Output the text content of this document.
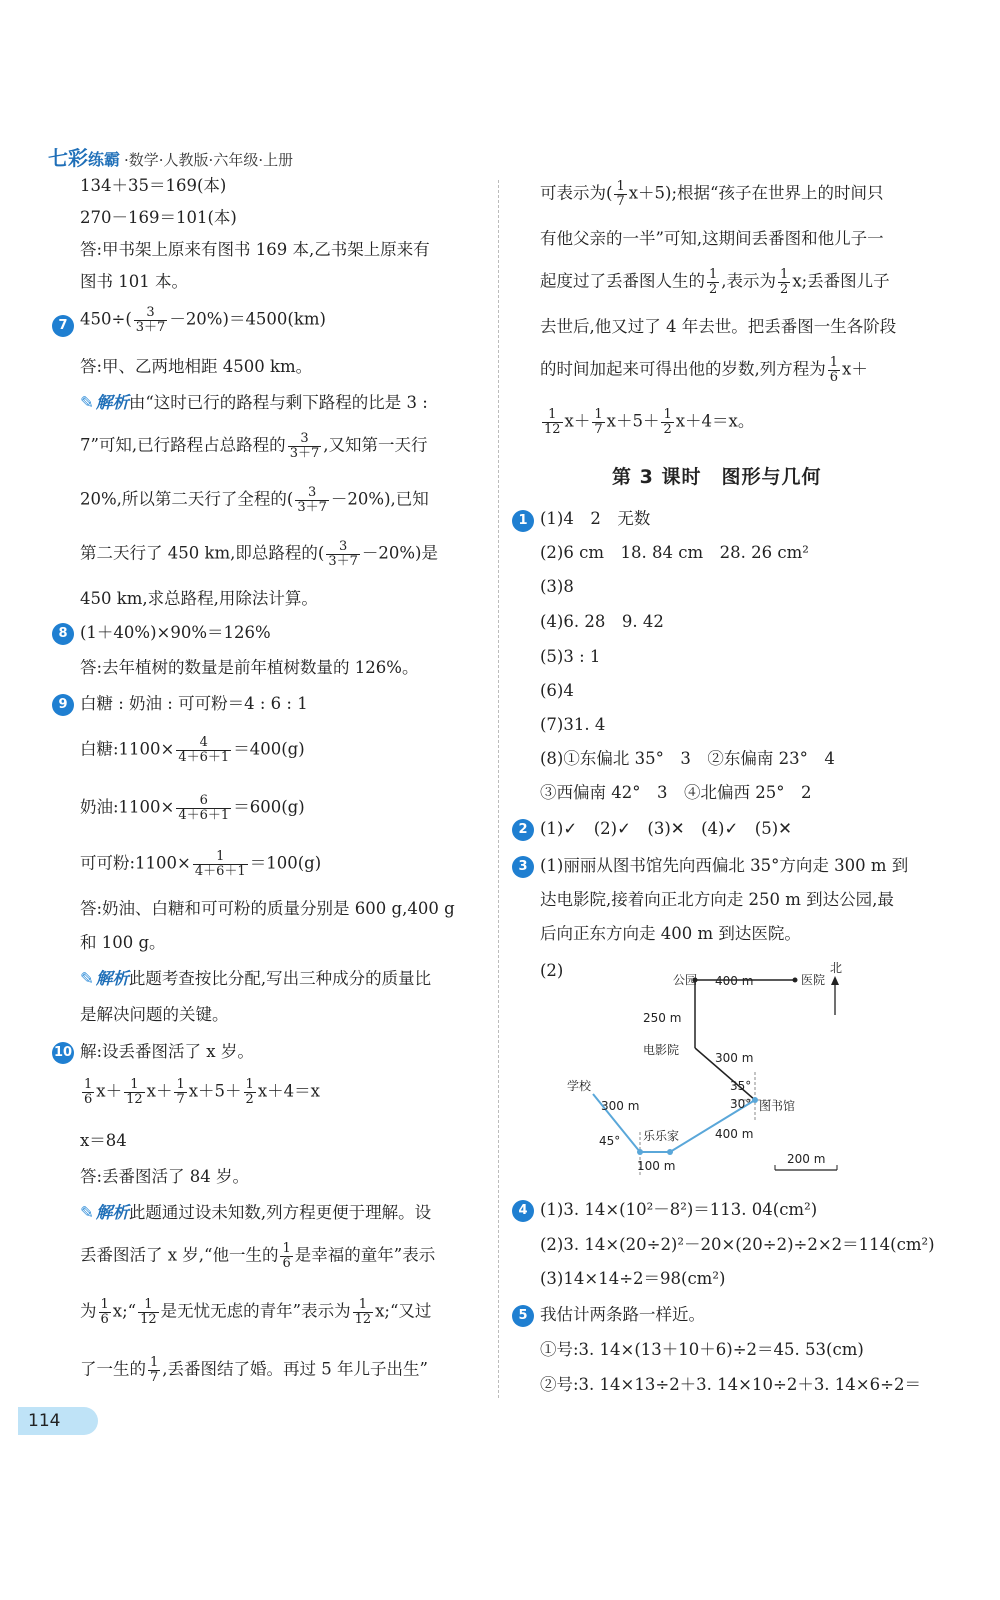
七彩练霸 ·数学·人教版·六年级·上册
134＋35＝169(本)
270－169＝101(本)
答:甲书架上原来有图书 169 本,乙书架上原来有
图书 101 本。
7 $450\div( \frac{3}{3+7} -20\%)=4500(km)$
答:甲、乙两地相距 4500 km。
✎ 解析由“这时已行的路程与剩下路程的比是 3 :
7”可知,已行路程占总路程的 $\frac{3}{3+7}$ ,又知第一天行
20%,所以第二天行了全程的( $\frac{3}{3+7} -20\%$),已知
第二天行了 450 km,即总路程的( $\frac{3}{3+7} -20\%$)是
450 km,求总路程,用除法计算。
8 (1＋40%)×90%＝126%
答:去年植树的数量是前年植树数量的 126%。
9 白糖 : 奶油 : 可可粉＝4 : 6 : 1
白糖:1100× $\frac{4}{4+6+1} =400(g)$
奶油:1100× $\frac{6}{4+6+1} =600(g)$
可可粉:1100× $\frac{1}{4+6+1} =100(g)$
答:奶油、白糖和可可粉的质量分别是 600 g,400 g
和 100 g。
✎ 解析此题考查按比分配,写出三种成分的质量比
是解决问题的关键。
10 解:设丢番图活了 x 岁。
$\frac{1}{6} x+ \frac{1}{12} x+ \frac{1}{7} x+5+ \frac{1}{2} x+4=x$
x＝84
答:丢番图活了 84 岁。
✎ 解析此题通过设未知数,列方程更便于理解。设
丢番图活了 x 岁,“他一生的 $\frac{1}{6}$ 是幸福的童年”表示
为 $\frac{1}{6}$ x;“ $\frac{1}{12}$ 是无忧无虑的青年”表示为 $\frac{1}{12}$ x;“又过
了一生的 $\frac{1}{7}$ ,丢番图结了婚。再过 5 年儿子出生”
可表示为( $\frac{1}{7} x+5$);根据“孩子在世界上的时间只
有他父亲的一半”可知,这期间丢番图和他儿子一
起度过了丢番图人生的 $\frac{1}{2}$ ,表示为 $\frac{1}{2} x$;丢番图儿子
去世后,他又过了 4 年去世。把丢番图一生各阶段
的时间加起来可得出他的岁数,列方程为 $\frac{1}{6} x+$
$\frac{1}{12} x+ \frac{1}{7} x+5+ \frac{1}{2} x+4=x$。
第 3 课时　图形与几何
1 (1)4　2　无数
(2)6 cm　18. 84 cm　28. 26 cm²
(3)8
(4)6. 28　9. 42
(5)3 : 1
(6)4
(7)31. 4
(8)①东偏北 35°　3　②东偏南 23°　4
③西偏南 42°　3　④北偏西 25°　2
2 (1)✓　(2)✓　(3)✕　(4)✓　(5)✕
3 (1)丽丽从图书馆先向西偏北 35°方向走 300 m 到
达电影院,接着向正北方向走 250 m 到达公园,最
后向正东方向走 400 m 到达医院。
(2)
4 (1)3. 14×(10²－8²)＝113. 04(cm²)
(2)3. 14×(20÷2)²－20×(20÷2)÷2×2＝114(cm²)
(3)14×14÷2＝98(cm²)
5 我估计两条路一样近。
①号:3. 14×(13＋10＋6)÷2＝45. 53(cm)
②号:3. 14×13÷2＋3. 14×10÷2＋3. 14×6÷2＝
公园 400 m	医院
北
250 m
电影院
300 m
学校
300 m
35°
30° 图书馆
45° 乐乐家	400 m
100 m	200 m
114
